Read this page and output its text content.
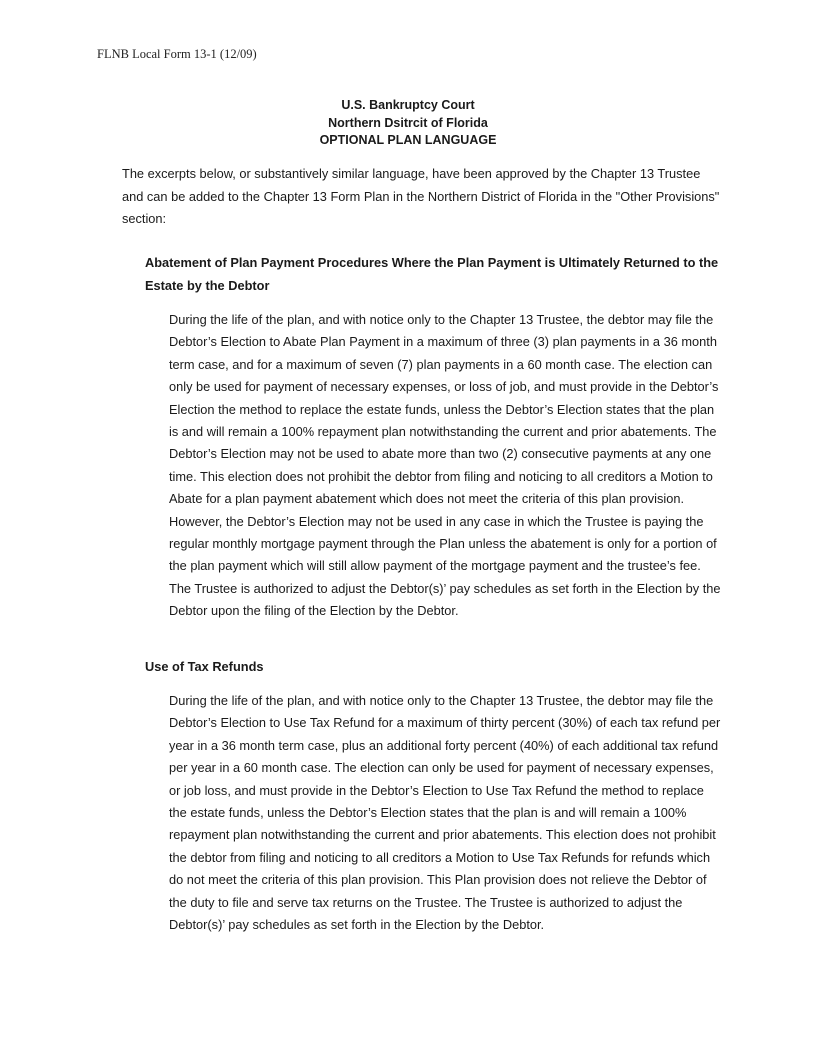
FLNB Local Form 13-1 (12/09)
U.S. Bankruptcy Court
Northern Dsitrcit of Florida
OPTIONAL PLAN LANGUAGE

The excerpts below, or substantively similar language, have been approved by the Chapter 13 Trustee and can be added to the Chapter 13 Form Plan in the Northern District of Florida in the "Other Provisions" section:

Abatement of Plan Payment Procedures Where the Plan Payment is Ultimately Returned to the Estate by the Debtor

During the life of the plan, and with notice only to the Chapter 13 Trustee, the debtor may file the Debtor’s Election to Abate Plan Payment in a maximum of three (3) plan payments in a 36 month term case, and for a maximum of seven (7) plan payments in a 60 month case. The election can only be used for payment of necessary expenses, or loss of job, and must provide in the Debtor’s Election the method to replace the estate funds, unless the Debtor’s Election states that the plan is and will remain a 100% repayment plan notwithstanding the current and prior abatements. The Debtor’s Election may not be used to abate more than two (2) consecutive payments at any one time. This election does not prohibit the debtor from filing and noticing to all creditors a Motion to Abate for a plan payment abatement which does not meet the criteria of this plan provision. However, the Debtor’s Election may not be used in any case in which the Trustee is paying the regular monthly mortgage payment through the Plan unless the abatement is only for a portion of the plan payment which will still allow payment of the mortgage payment and the trustee’s fee. The Trustee is authorized to adjust the Debtor(s)’ pay schedules as set forth in the Election by the Debtor upon the filing of the Election by the Debtor.

Use of Tax Refunds

During the life of the plan, and with notice only to the Chapter 13 Trustee, the debtor may file the Debtor’s Election to Use Tax Refund for a maximum of thirty percent (30%) of each tax refund per year in a 36 month term case, plus an additional forty percent (40%) of each additional tax refund per year in a 60 month case. The election can only be used for payment of necessary expenses, or job loss, and must provide in the Debtor’s Election to Use Tax Refund the method to replace the estate funds, unless the Debtor’s Election states that the plan is and will remain a 100% repayment plan notwithstanding the current and prior abatements. This election does not prohibit the debtor from filing and noticing to all creditors a Motion to Use Tax Refunds for refunds which do not meet the criteria of this plan provision. This Plan provision does not relieve the Debtor of the duty to file and serve tax returns on the Trustee. The Trustee is authorized to adjust the Debtor(s)’ pay schedules as set forth in the Election by the Debtor.
